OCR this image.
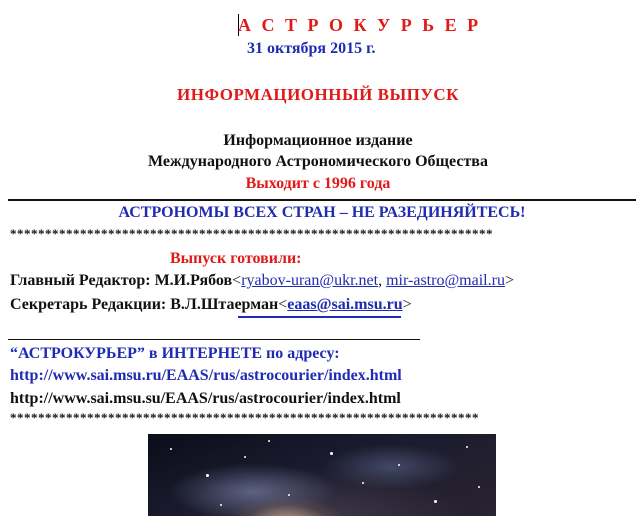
А С Т Р О К У Р Ь Е Р
31 октября 2015 г.
ИНФОРМАЦИОННЫЙ ВЫПУСК
Информационное издание
Международного Астрономического Общества
Выходит с 1996 года
АСТРОНОМЫ ВСЕХ СТРАН – НЕ РАЗЕДИНЯЙТЕСЬ!
*********************************************************************
Выпуск готовили:
Главный Редактор: М.И.Рябов<ryabov-uran@ukr.net, mir-astro@mail.ru>
Секретарь Редакции: В.Л.Штаерман<eaas@sai.msu.ru>
“АСТРОКУРЬЕР” в ИНТЕРНЕТЕ по адресу:
http://www.sai.msu.ru/EAAS/rus/astrocourier/index.html
http://www.sai.msu.su/EAAS/rus/astrocourier/index.html
*******************************************************************
